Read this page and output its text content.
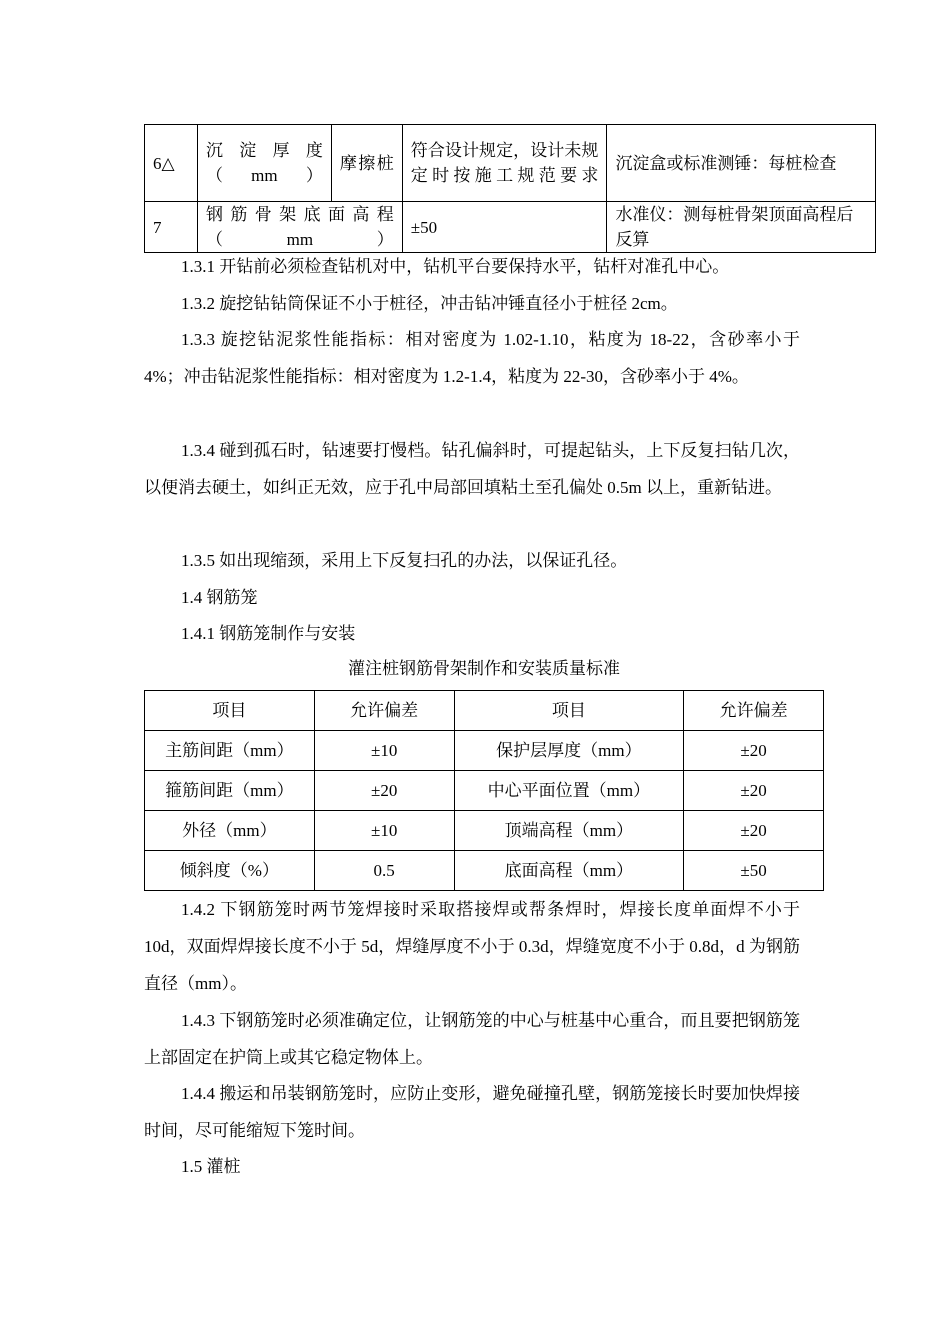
6△	沉淀厚度（mm）	摩擦桩	符合设计规定，设计未规定时按施工规范要求	沉淀盒或标准测锤：每桩检查
7	钢筋骨架底面高程（mm）		±50	水准仪：测每桩骨架顶面高程后反算

1.3.1 开钻前必须检查钻机对中，钻机平台要保持水平，钻杆对准孔中心。

1.3.2 旋挖钻钻筒保证不小于桩径，冲击钻冲锤直径小于桩径 2cm。

1.3.3 旋挖钻泥浆性能指标：相对密度为 1.02-1.10，粘度为 18-22，含砂率小于 4%；冲击钻泥浆性能指标：相对密度为 1.2-1.4，粘度为 22-30，含砂率小于 4%。

1.3.4 碰到孤石时，钻速要打慢档。钻孔偏斜时，可提起钻头，上下反复扫钻几次，以便消去硬土，如纠正无效，应于孔中局部回填粘土至孔偏处 0.5m 以上，重新钻进。

1.3.5 如出现缩颈，采用上下反复扫孔的办法，以保证孔径。

1.4 钢筋笼

1.4.1 钢筋笼制作与安装

灌注桩钢筋骨架制作和安装质量标准
项目	允许偏差	项目	允许偏差
主筋间距（mm）	±10	保护层厚度（mm）	±20
箍筋间距（mm）	±20	中心平面位置（mm）	±20
外径（mm）	±10	顶端高程（mm）	±20
倾斜度（%）	0.5	底面高程（mm）	±50

1.4.2 下钢筋笼时两节笼焊接时采取搭接焊或帮条焊时，焊接长度单面焊不小于 10d，双面焊焊接长度不小于 5d，焊缝厚度不小于 0.3d，焊缝宽度不小于 0.8d，d 为钢筋直径（mm）。

1.4.3 下钢筋笼时必须准确定位，让钢筋笼的中心与桩基中心重合，而且要把钢筋笼上部固定在护筒上或其它稳定物体上。

1.4.4 搬运和吊装钢筋笼时，应防止变形，避免碰撞孔壁，钢筋笼接长时要加快焊接时间，尽可能缩短下笼时间。

1.5 灌桩
